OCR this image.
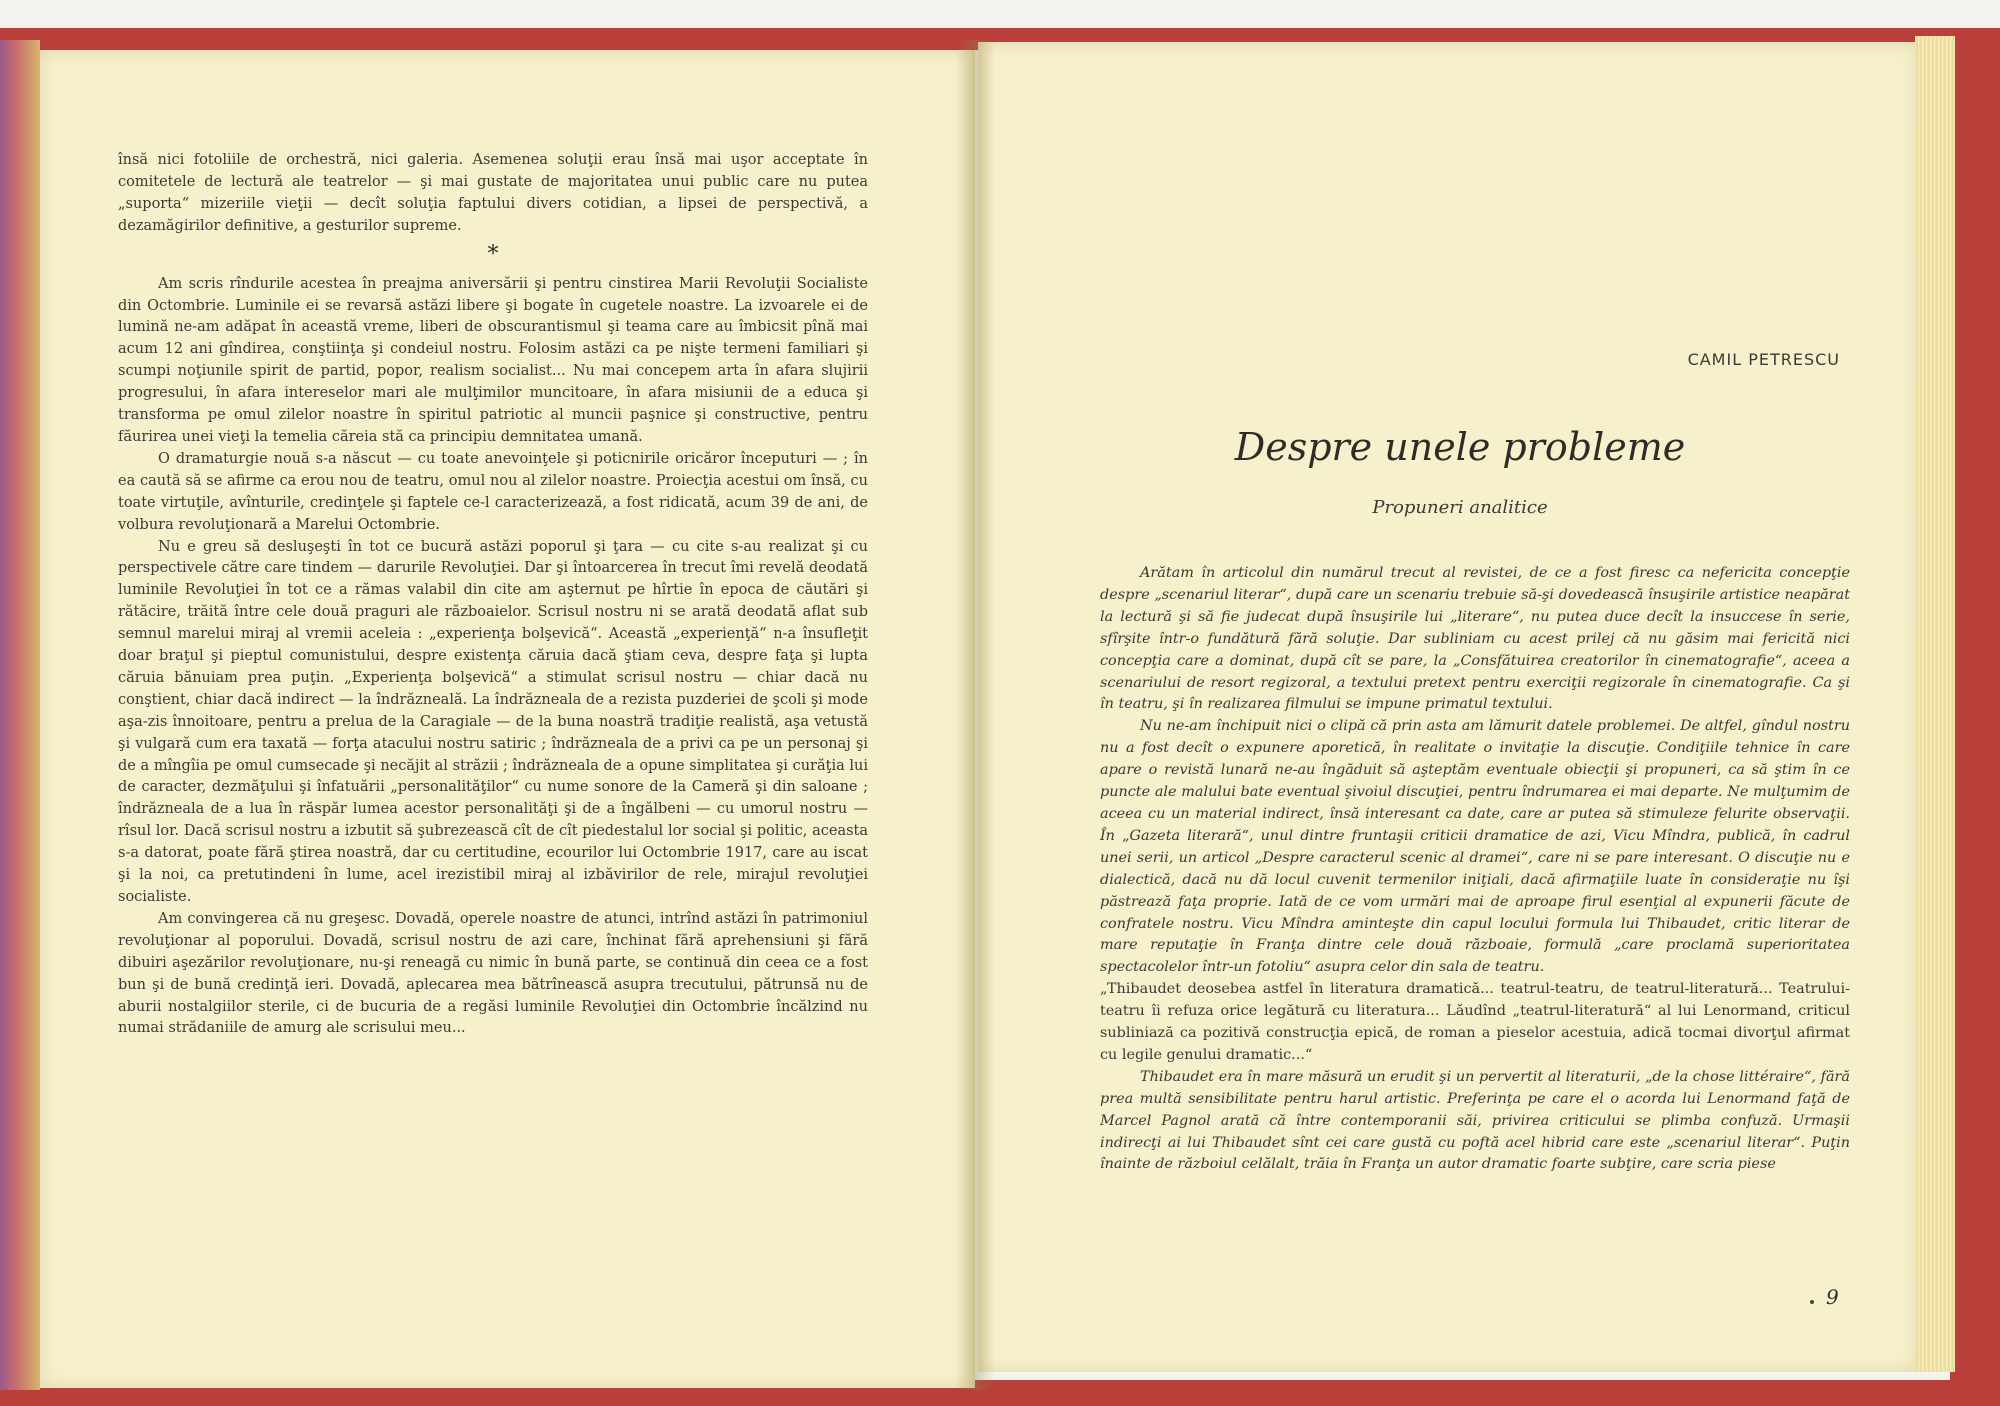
însă nici fotoliile de orchestră, nici galeria. Asemenea soluţii erau însă mai uşor acceptate în comitetele de lectură ale teatrelor — şi mai gustate de majoritatea unui public care nu putea „suporta“ mizeriile vieţii — decît soluţia faptului divers cotidian, a lipsei de perspectivă, a dezamăgirilor definitive, a gesturilor supreme.

*

Am scris rîndurile acestea în preajma aniversării şi pentru cinstirea Marii Revoluţii Socialiste din Octombrie. Luminile ei se revarsă astăzi libere şi bogate în cugetele noastre. La izvoarele ei de lumină ne-am adăpat în această vreme, liberi de obscurantismul şi teama care au îmbicsit pînă mai acum 12 ani gîndirea, conştiinţa şi condeiul nostru. Folosim astăzi ca pe nişte termeni familiari şi scumpi noţiunile spirit de partid, popor, realism socialist... Nu mai concepem arta în afara slujirii progresului, în afara intereselor mari ale mulţimilor muncitoare, în afara misiunii de a educa şi transforma pe omul zilelor noastre în spiritul patriotic al muncii paşnice şi constructive, pentru făurirea unei vieţi la temelia căreia stă ca principiu demnitatea umană.

O dramaturgie nouă s-a născut — cu toate anevoinţele şi poticnirile oricăror începuturi — ; în ea caută să se afirme ca erou nou de teatru, omul nou al zilelor noastre. Proiecţia acestui om însă, cu toate virtuţile, avînturile, credinţele şi faptele ce-l caracterizează, a fost ridicată, acum 39 de ani, de volbura revoluţionară a Marelui Octombrie.

Nu e greu să desluşeşti în tot ce bucură astăzi poporul şi ţara — cu cite s-au realizat şi cu perspectivele către care tindem — darurile Revoluţiei. Dar şi întoarcerea în trecut îmi revelă deodată luminile Revoluţiei în tot ce a rămas valabil din cite am aşternut pe hîrtie în epoca de căutări şi rătăcire, trăită între cele două praguri ale războaielor. Scrisul nostru ni se arată deodată aflat sub semnul marelui miraj al vremii aceleia : „experienţa bolşevică“. Această „experienţă“ n-a însufleţit doar braţul şi pieptul comunistului, despre existenţa căruia dacă ştiam ceva, despre faţa şi lupta căruia bănuiam prea puţin. „Experienţa bolşevică“ a stimulat scrisul nostru — chiar dacă nu conştient, chiar dacă indirect — la îndrăzneală. La îndrăzneala de a rezista puzderiei de şcoli şi mode aşa-zis înnoitoare, pentru a prelua de la Caragiale — de la buna noastră tradiţie realistă, aşa vetustă şi vulgară cum era taxată — forţa atacului nostru satiric ; îndrăzneala de a privi ca pe un personaj şi de a mîngîia pe omul cumsecade şi necăjit al străzii ; îndrăzneala de a opune simplitatea şi curăţia lui de caracter, dezmăţului şi înfatuării „personalităţilor“ cu nume sonore de la Cameră şi din saloane ; îndrăzneala de a lua în răspăr lumea acestor personalităţi şi de a îngălbeni — cu umorul nostru — rîsul lor. Dacă scrisul nostru a izbutit să şubrezească cît de cît piedestalul lor social şi politic, aceasta s-a datorat, poate fără ştirea noastră, dar cu certitudine, ecourilor lui Octombrie 1917, care au iscat şi la noi, ca pretutindeni în lume, acel irezistibil miraj al izbăvirilor de rele, mirajul revoluţiei socialiste.

Am convingerea că nu greşesc. Dovadă, operele noastre de atunci, intrînd astăzi în patrimoniul revoluţionar al poporului. Dovadă, scrisul nostru de azi care, închinat fără aprehensiuni şi fără dibuiri aşezărilor revoluţionare, nu-şi reneagă cu nimic în bună parte, se continuă din ceea ce a fost bun şi de bună credinţă ieri. Dovadă, aplecarea mea bătrînească asupra trecutului, pătrunsă nu de aburii nostalgiilor sterile, ci de bucuria de a regăsi luminile Revoluţiei din Octombrie încălzind nu numai strădaniile de amurg ale scrisului meu...

CAMIL PETRESCU
Despre unele probleme
Propuneri analitice

Arătam în articolul din numărul trecut al revistei, de ce a fost firesc ca nefericita concepţie despre „scenariul literar“, după care un scenariu trebuie să-şi dovedească însuşirile artistice neapărat la lectură şi să fie judecat după însuşirile lui „literare“, nu putea duce decît la insuccese în serie, sfîrşite într-o fundătură fără soluţie. Dar subliniam cu acest prilej că nu găsim mai fericită nici concepţia care a dominat, după cît se pare, la „Consfătuirea creatorilor în cinematografie“, aceea a scenariului de resort regizoral, a textului pretext pentru exerciţii regizorale în cinematografie. Ca şi în teatru, şi în realizarea filmului se impune primatul textului.

Nu ne-am închipuit nici o clipă că prin asta am lămurit datele problemei. De altfel, gîndul nostru nu a fost decît o expunere aporetică, în realitate o invitaţie la discuţie. Condiţiile tehnice în care apare o revistă lunară ne-au îngăduit să aşteptăm eventuale obiecţii şi propuneri, ca să ştim în ce puncte ale malului bate eventual şivoiul discuţiei, pentru îndrumarea ei mai departe. Ne mulţumim de aceea cu un material indirect, însă interesant ca date, care ar putea să stimuleze felurite observaţii. În „Gazeta literară“, unul dintre fruntaşii criticii dramatice de azi, Vicu Mîndra, publică, în cadrul unei serii, un articol „Despre caracterul scenic al dramei“, care ni se pare interesant. O discuţie nu e dialectică, dacă nu dă locul cuvenit termenilor iniţiali, dacă afirmaţiile luate în consideraţie nu îşi păstrează faţa proprie. Iată de ce vom urmări mai de aproape firul esenţial al expunerii făcute de confratele nostru. Vicu Mîndra aminteşte din capul locului formula lui Thibaudet, critic literar de mare reputaţie în Franţa dintre cele două războaie, formulă „care proclamă superioritatea spectacolelor într-un fotoliu“ asupra celor din sala de teatru.

„Thibaudet deosebea astfel în literatura dramatică... teatrul-teatru, de teatrul-literatură... Teatrului-teatru îi refuza orice legătură cu literatura... Lăudînd „teatrul-literatură“ al lui Lenormand, criticul subliniază ca pozitivă construcţia epică, de roman a pieselor acestuia, adică tocmai divorţul afirmat cu legile genului dramatic...“

Thibaudet era în mare măsură un erudit şi un pervertit al literaturii, „de la chose littéraire“, fără prea multă sensibilitate pentru harul artistic. Preferinţa pe care el o acorda lui Lenormand faţă de Marcel Pagnol arată că între contemporanii săi, privirea criticului se plimba confuză. Urmaşii indirecţi ai lui Thibaudet sînt cei care gustă cu poftă acel hibrid care este „scenariul literar“. Puţin înainte de războiul celălalt, trăia în Franţa un autor dramatic foarte subţire, care scria piese

9
